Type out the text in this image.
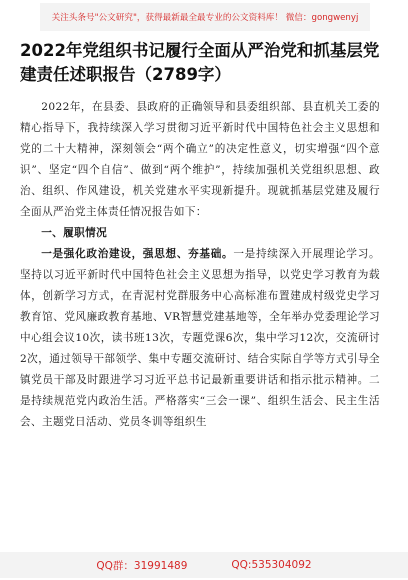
关注头条号"公文研究"，获得最新最全最专业的公文资料库！ 微信：gongwenyj
2022年党组织书记履行全面从严治党和抓基层党建责任述职报告（2789字）

2022年，在县委、县政府的正确领导和县委组织部、县直机关工委的精心指导下，我持续深入学习贯彻习近平新时代中国特色社会主义思想和党的二十大精神，深刻领会“两个确立”的决定性意义，切实增强“四个意识”、坚定“四个自信”、做到“两个维护”，持续加强机关党组织思想、政治、组织、作风建设，机关党建水平实现新提升。现就抓基层党建及履行全面从严治党主体责任情况报告如下：

一、履职情况

一是强化政治建设，强思想、夯基础。一是持续深入开展理论学习。坚持以习近平新时代中国特色社会主义思想为指导，以党史学习教育为载体，创新学习方式，在青泥村党群服务中心高标准布置建成村级党史学习教育馆、党风廉政教育基地、VR智慧党建基地等，全年举办党委理论学习中心组会议10次，读书班13次，专题党课6次，集中学习12次，交流研讨2次，通过领导干部领学、集中专题交流研讨、结合实际自学等方式引导全镇党员干部及时跟进学习习近平总书记最新重要讲话和指示批示精神。二是持续规范党内政治生活。严格落实“三会一课”、组织生活会、民主生活会、主题党日活动、党员冬训等组织生

QQ群：31991489	QQ:535304092
